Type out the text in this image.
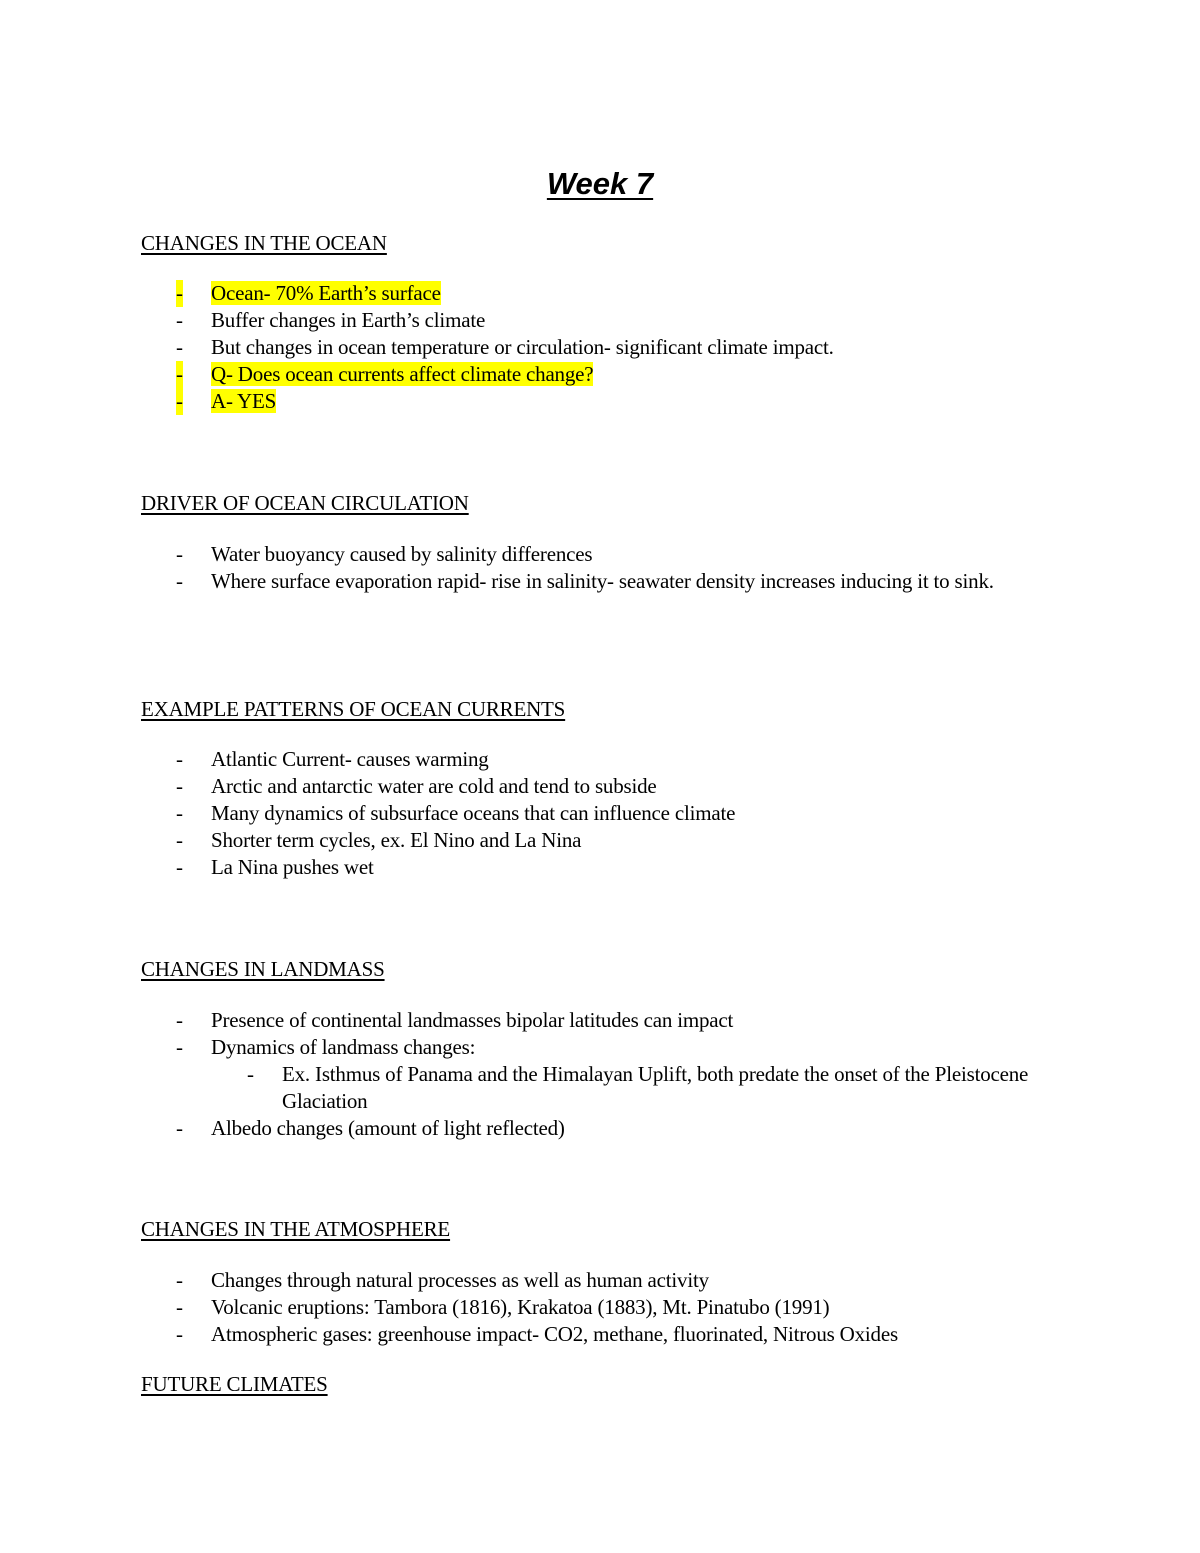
Week 7
CHANGES IN THE OCEAN
- Ocean- 70% Earth’s surface
- Buffer changes in Earth’s climate
- But changes in ocean temperature or circulation- significant climate impact.
- Q- Does ocean currents affect climate change?
- A- YES
DRIVER OF OCEAN CIRCULATION
- Water buoyancy caused by salinity differences
- Where surface evaporation rapid- rise in salinity- seawater density increases inducing it to sink.
EXAMPLE PATTERNS OF OCEAN CURRENTS
- Atlantic Current- causes warming
- Arctic and antarctic water are cold and tend to subside
- Many dynamics of subsurface oceans that can influence climate
- Shorter term cycles, ex. El Nino and La Nina
- La Nina pushes wet
CHANGES IN LANDMASS
- Presence of continental landmasses bipolar latitudes can impact
- Dynamics of landmass changes:
- Ex. Isthmus of Panama and the Himalayan Uplift, both predate the onset of the Pleistocene Glaciation
- Albedo changes (amount of light reflected)
CHANGES IN THE ATMOSPHERE
- Changes through natural processes as well as human activity
- Volcanic eruptions: Tambora (1816), Krakatoa (1883), Mt. Pinatubo (1991)
- Atmospheric gases: greenhouse impact- CO2, methane, fluorinated, Nitrous Oxides
FUTURE CLIMATES
